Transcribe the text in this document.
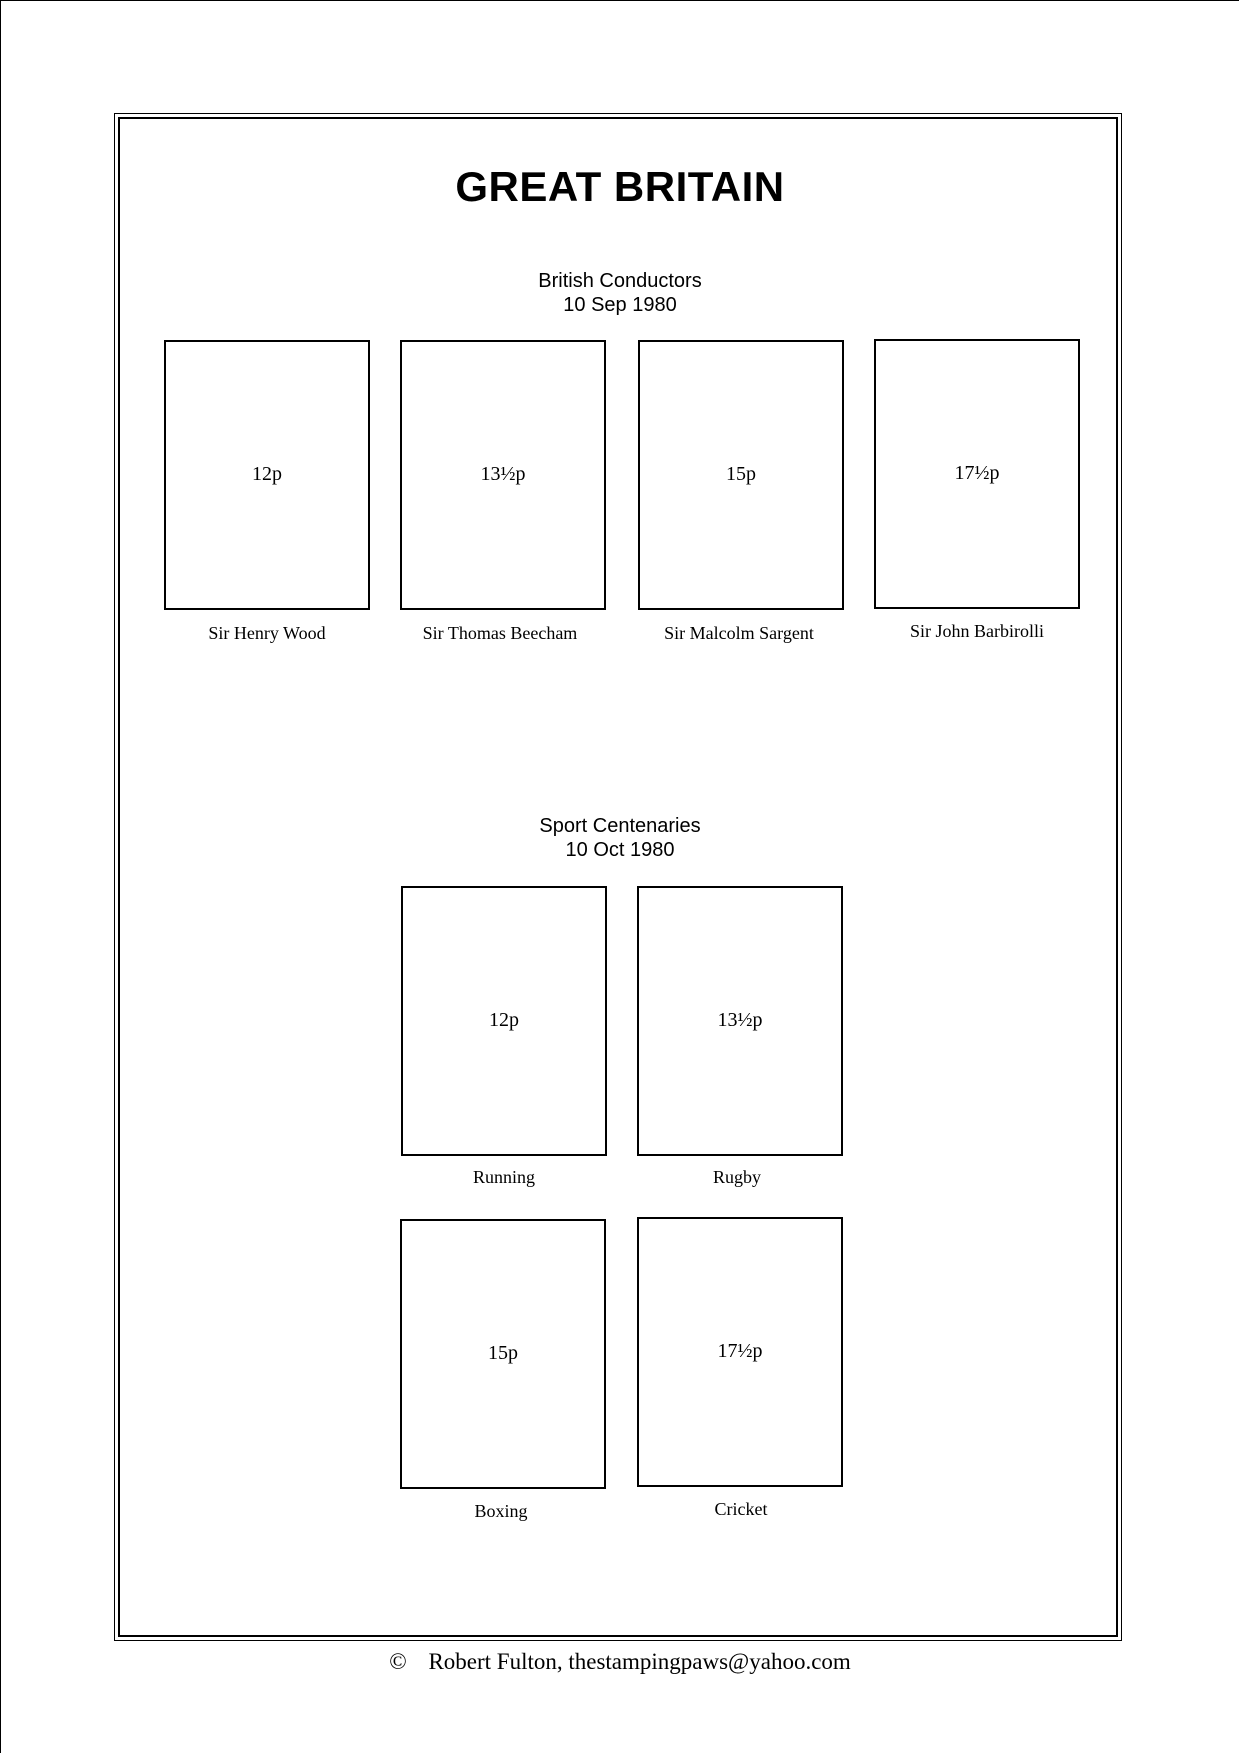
GREAT BRITAIN
British Conductors
10 Sep 1980
12p
Sir Henry Wood
13½p
Sir Thomas Beecham
15p
Sir Malcolm Sargent
17½p
Sir John Barbirolli
Sport Centenaries
10 Oct 1980
12p
Running
13½p
Rugby
15p
Boxing
17½p
Cricket
© Robert Fulton, thestampingpaws@yahoo.com
